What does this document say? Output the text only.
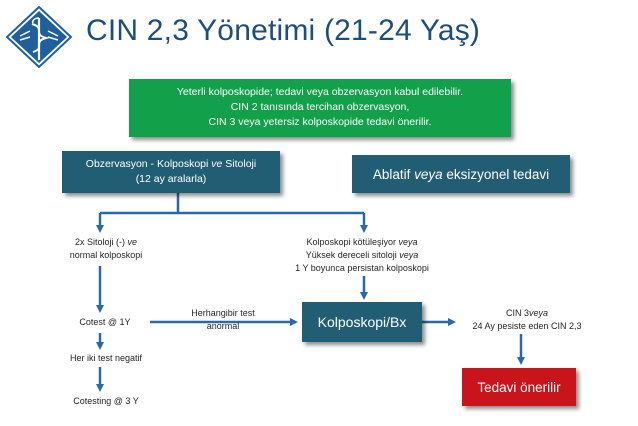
CIN 2,3 Yönetimi (21-24 Yaş)
Yeterli kolposkopide; tedavi veya obzervasyon kabul edilebilir.
CIN 2 tanısında tercihan obzervasyon,
CIN 3 veya yetersiz kolposkopide tedavi önerilir.
Obzervasyon - Kolposkopi ve Sitoloji
(12 ay aralarla)	Ablatif veya eksizyonel tedavi
2x Sitoloji (-) ve
normal kolposkopi
Kolposkopi kötüleşiyor veya
Yüksek dereceli sitoloji veya
1 Y boyunca persistan kolposkopi
Cotest @ 1Y
Herhangibir test
anormal	Kolposkopi/Bx
CIN 3veya
24 Ay pesiste eden CIN 2,3
Her iki test negatif
Cotesting @ 3 Y
Tedavi önerilir
